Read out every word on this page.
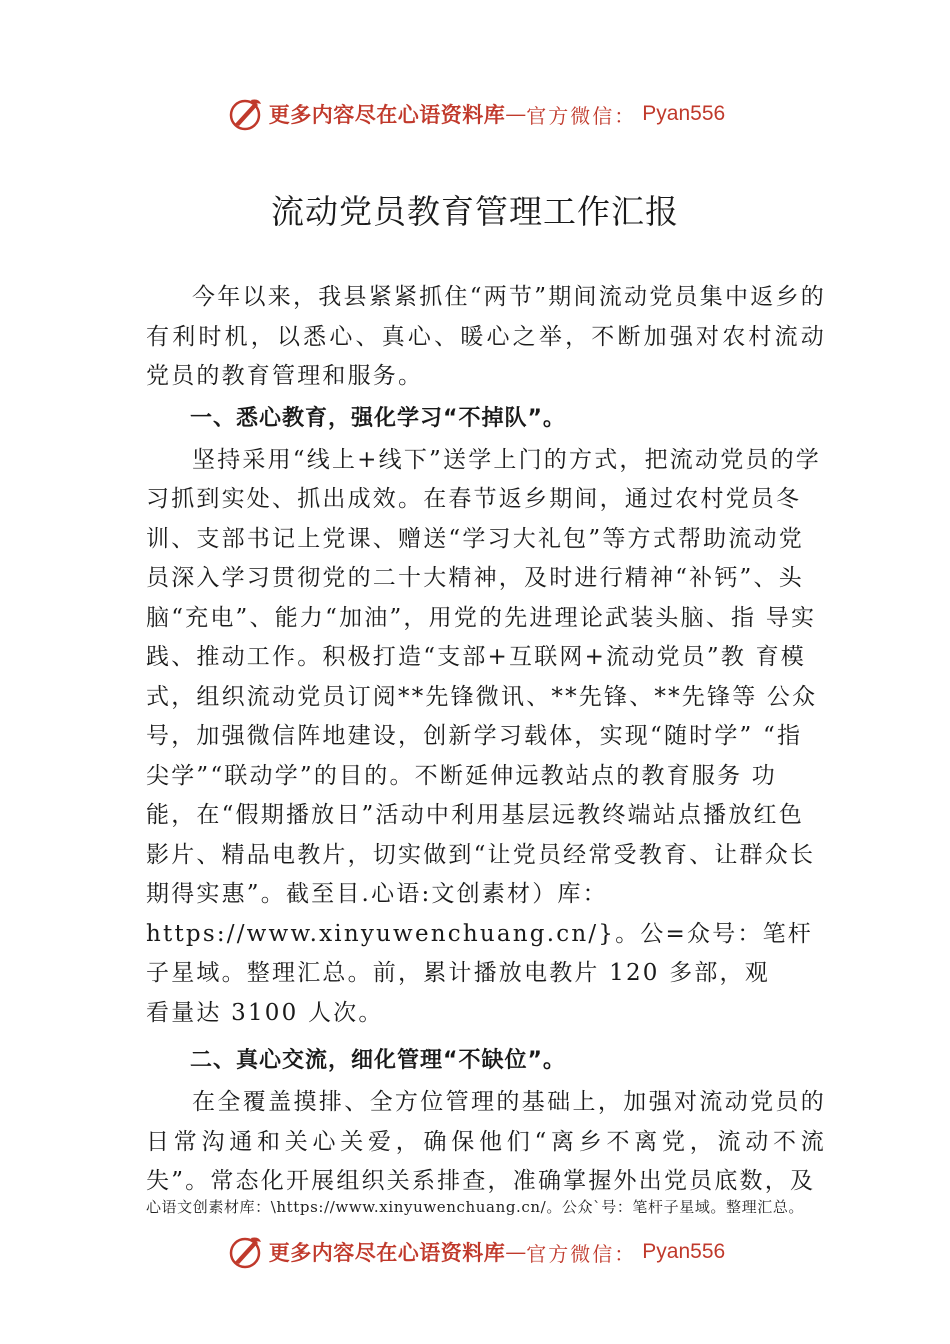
更多内容尽在心语资料库 — 官方微信： Pyan556
流动党员教育管理工作汇报

今年以来，我县紧紧抓住“两节”期间流动党员集中返乡的有利时机，以悉心、真心、暖心之举，不断加强对农村流动党员的教育管理和服务。

一、悉心教育，强化学习“不掉队”。

坚持采用“线上+线下”送学上门的方式，把流动党员的学习抓到实处、抓出成效。在春节返乡期间，通过农村党员冬训、支部书记上党课、赠送“学习大礼包”等方式帮助流动党员深入学习贯彻党的二十大精神，及时进行精神“补钙”、头脑“充电”、能力“加油”，用党的先进理论武装头脑、指 导实践、推动工作。积极打造“支部+互联网+流动党员”教 育模式，组织流动党员订阅**先锋微讯、**先锋、**先锋等 公众号，加强微信阵地建设，创新学习载体，实现“随时学” “指尖学”“联动学”的目的。不断延伸远教站点的教育服务 功能，在“假期播放日”活动中利用基层远教终端站点播放红色影片、精品电教片，切实做到“让党员经常受教育、让群众长期得实惠”。截至目.心语:文创素材）库：https://www.xinyuwenchuang.cn/}。公=众号：笔杆子星域。整理汇总。前，累计播放电教片 120 多部，观

看量达 3100 人次。

二、真心交流，细化管理“不缺位”。

在全覆盖摸排、全方位管理的基础上，加强对流动党员的日常沟通和关心关爱，确保他们“离乡不离党，流动不流失”。常态化开展组织关系排查，准确掌握外出党员底数，及

心语文创素材库：\https://www.xinyuwenchuang.cn/。公众`号：笔杆子星域。整理汇总。
更多内容尽在心语资料库 — 官方微信： Pyan556
